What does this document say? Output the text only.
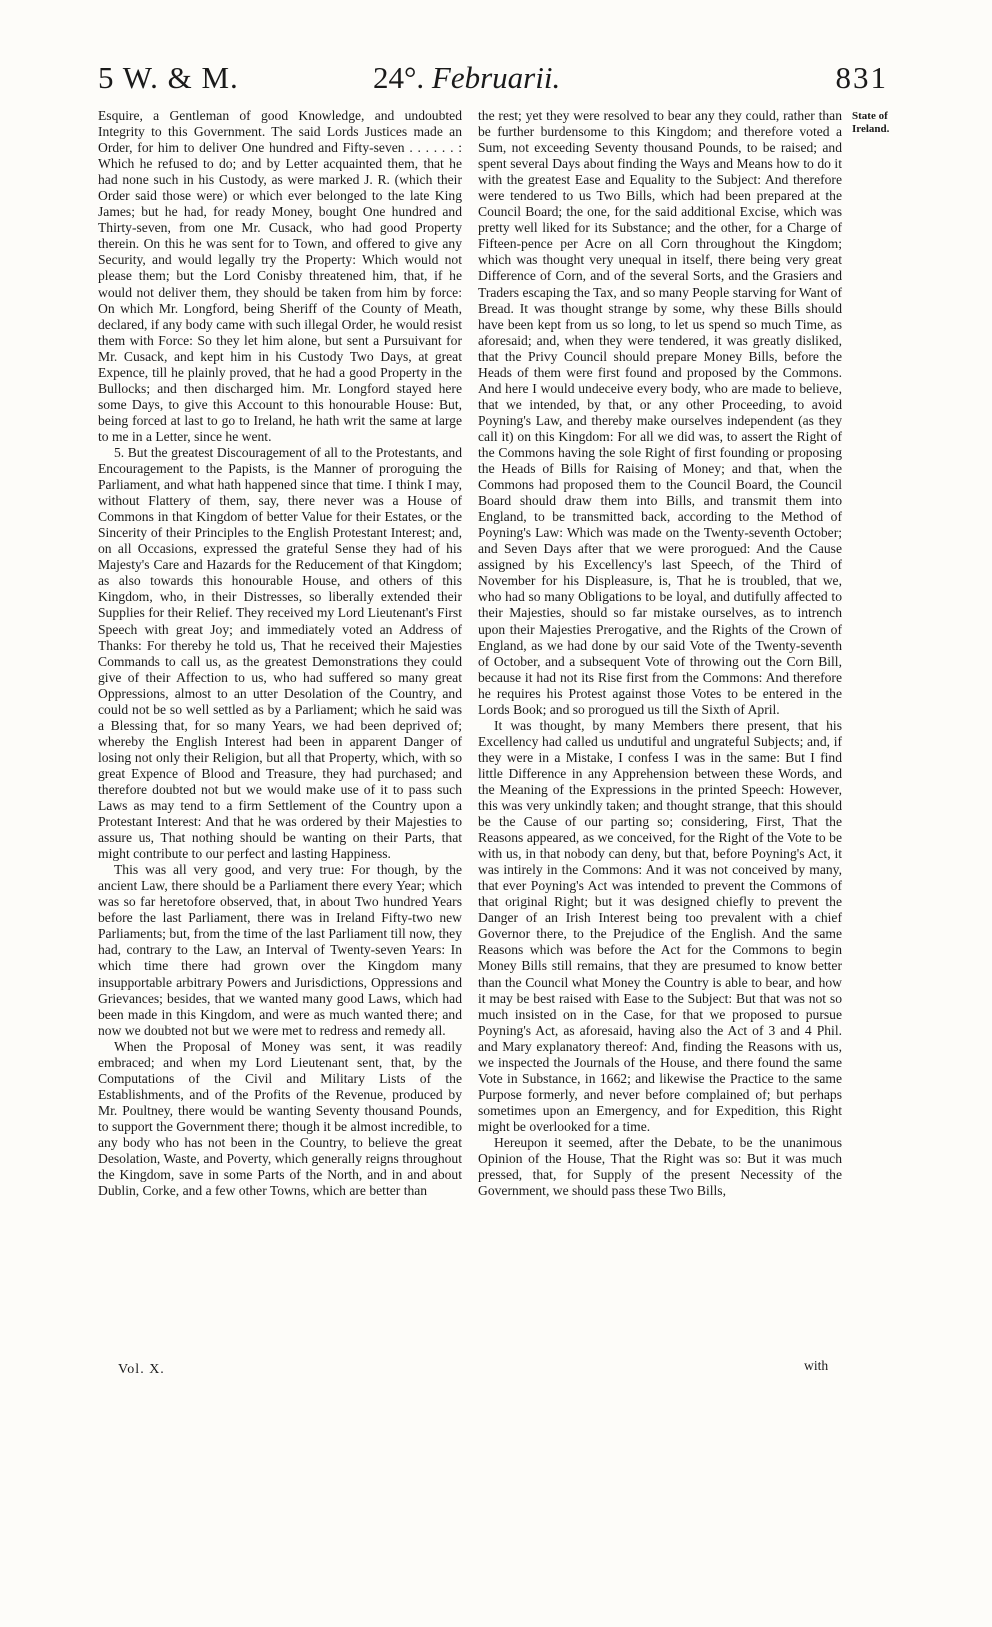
5 W. & M.	24°. Februarii.	831

Esquire, a Gentleman of good Knowledge, and undoubted Integrity to this Government. The said Lords Justices made an Order, for him to deliver One hundred and Fifty-seven . . . . . . : Which he refused to do; and by Letter acquainted them, that he had none such in his Custody, as were marked J. R. (which their Order said those were) or which ever belonged to the late King James; but he had, for ready Money, bought One hundred and Thirty-seven, from one Mr. Cusack, who had good Property therein. On this he was sent for to Town, and offered to give any Security, and would legally try the Property: Which would not please them; but the Lord Conisby threatened him, that, if he would not deliver them, they should be taken from him by force: On which Mr. Longford, being Sheriff of the County of Meath, declared, if any body came with such illegal Order, he would resist them with Force: So they let him alone, but sent a Pursuivant for Mr. Cusack, and kept him in his Custody Two Days, at great Expence, till he plainly proved, that he had a good Property in the Bullocks; and then discharged him. Mr. Longford stayed here some Days, to give this Account to this honourable House: But, being forced at last to go to Ireland, he hath writ the same at large to me in a Letter, since he went.

5. But the greatest Discouragement of all to the Protestants, and Encouragement to the Papists, is the Manner of proroguing the Parliament, and what hath happened since that time. I think I may, without Flattery of them, say, there never was a House of Commons in that Kingdom of better Value for their Estates, or the Sincerity of their Principles to the English Protestant Interest; and, on all Occasions, expressed the grateful Sense they had of his Majesty's Care and Hazards for the Reducement of that Kingdom; as also towards this honourable House, and others of this Kingdom, who, in their Distresses, so liberally extended their Supplies for their Relief. They received my Lord Lieutenant's First Speech with great Joy; and immediately voted an Address of Thanks: For thereby he told us, That he received their Majesties Commands to call us, as the greatest Demonstrations they could give of their Affection to us, who had suffered so many great Oppressions, almost to an utter Desolation of the Country, and could not be so well settled as by a Parliament; which he said was a Blessing that, for so many Years, we had been deprived of; whereby the English Interest had been in apparent Danger of losing not only their Religion, but all that Property, which, with so great Expence of Blood and Treasure, they had purchased; and therefore doubted not but we would make use of it to pass such Laws as may tend to a firm Settlement of the Country upon a Protestant Interest: And that he was ordered by their Majesties to assure us, That nothing should be wanting on their Parts, that might contribute to our perfect and lasting Happiness.

This was all very good, and very true: For though, by the ancient Law, there should be a Parliament there every Year; which was so far heretofore observed, that, in about Two hundred Years before the last Parliament, there was in Ireland Fifty-two new Parliaments; but, from the time of the last Parliament till now, they had, contrary to the Law, an Interval of Twenty-seven Years: In which time there had grown over the Kingdom many insupportable arbitrary Powers and Jurisdictions, Oppressions and Grievances; besides, that we wanted many good Laws, which had been made in this Kingdom, and were as much wanted there; and now we doubted not but we were met to redress and remedy all.

When the Proposal of Money was sent, it was readily embraced; and when my Lord Lieutenant sent, that, by the Computations of the Civil and Military Lists of the Establishments, and of the Profits of the Revenue, produced by Mr. Poultney, there would be wanting Seventy thousand Pounds, to support the Government there; though it be almost incredible, to any body who has not been in the Country, to believe the great Desolation, Waste, and Poverty, which generally reigns throughout the Kingdom, save in some Parts of the North, and in and about Dublin, Corke, and a few other Towns, which are better than

the rest; yet they were resolved to bear any they could, rather than be further burdensome to this Kingdom; and therefore voted a Sum, not exceeding Seventy thousand Pounds, to be raised; and spent several Days about finding the Ways and Means how to do it with the greatest Ease and Equality to the Subject: And therefore were tendered to us Two Bills, which had been prepared at the Council Board; the one, for the said additional Excise, which was pretty well liked for its Substance; and the other, for a Charge of Fifteen-pence per Acre on all Corn throughout the Kingdom; which was thought very unequal in itself, there being very great Difference of Corn, and of the several Sorts, and the Grasiers and Traders escaping the Tax, and so many People starving for Want of Bread. It was thought strange by some, why these Bills should have been kept from us so long, to let us spend so much Time, as aforesaid; and, when they were tendered, it was greatly disliked, that the Privy Council should prepare Money Bills, before the Heads of them were first found and proposed by the Commons. And here I would undeceive every body, who are made to believe, that we intended, by that, or any other Proceeding, to avoid Poyning's Law, and thereby make ourselves independent (as they call it) on this Kingdom: For all we did was, to assert the Right of the Commons having the sole Right of first founding or proposing the Heads of Bills for Raising of Money; and that, when the Commons had proposed them to the Council Board, the Council Board should draw them into Bills, and transmit them into England, to be transmitted back, according to the Method of Poyning's Law: Which was made on the Twenty-seventh October; and Seven Days after that we were prorogued: And the Cause assigned by his Excellency's last Speech, of the Third of November for his Displeasure, is, That he is troubled, that we, who had so many Obligations to be loyal, and dutifully affected to their Majesties, should so far mistake ourselves, as to intrench upon their Majesties Prerogative, and the Rights of the Crown of England, as we had done by our said Vote of the Twenty-seventh of October, and a subsequent Vote of throwing out the Corn Bill, because it had not its Rise first from the Commons: And therefore he requires his Protest against those Votes to be entered in the Lords Book; and so prorogued us till the Sixth of April.

It was thought, by many Members there present, that his Excellency had called us undutiful and ungrateful Subjects; and, if they were in a Mistake, I confess I was in the same: But I find little Difference in any Apprehension between these Words, and the Meaning of the Expressions in the printed Speech: However, this was very unkindly taken; and thought strange, that this should be the Cause of our parting so; considering, First, That the Reasons appeared, as we conceived, for the Right of the Vote to be with us, in that nobody can deny, but that, before Poyning's Act, it was intirely in the Commons: And it was not conceived by many, that ever Poyning's Act was intended to prevent the Commons of that original Right; but it was designed chiefly to prevent the Danger of an Irish Interest being too prevalent with a chief Governor there, to the Prejudice of the English. And the same Reasons which was before the Act for the Commons to begin Money Bills still remains, that they are presumed to know better than the Council what Money the Country is able to bear, and how it may be best raised with Ease to the Subject: But that was not so much insisted on in the Case, for that we proposed to pursue Poyning's Act, as aforesaid, having also the Act of 3 and 4 Phil. and Mary explanatory thereof: And, finding the Reasons with us, we inspected the Journals of the House, and there found the same Vote in Substance, in 1662; and likewise the Practice to the same Purpose formerly, and never before complained of; but perhaps sometimes upon an Emergency, and for Expedition, this Right might be overlooked for a time.

Hereupon it seemed, after the Debate, to be the unanimous Opinion of the House, That the Right was so: But it was much pressed, that, for Supply of the present Necessity of the Government, we should pass these Two Bills,

State of Ireland.
Vol. X.	with
